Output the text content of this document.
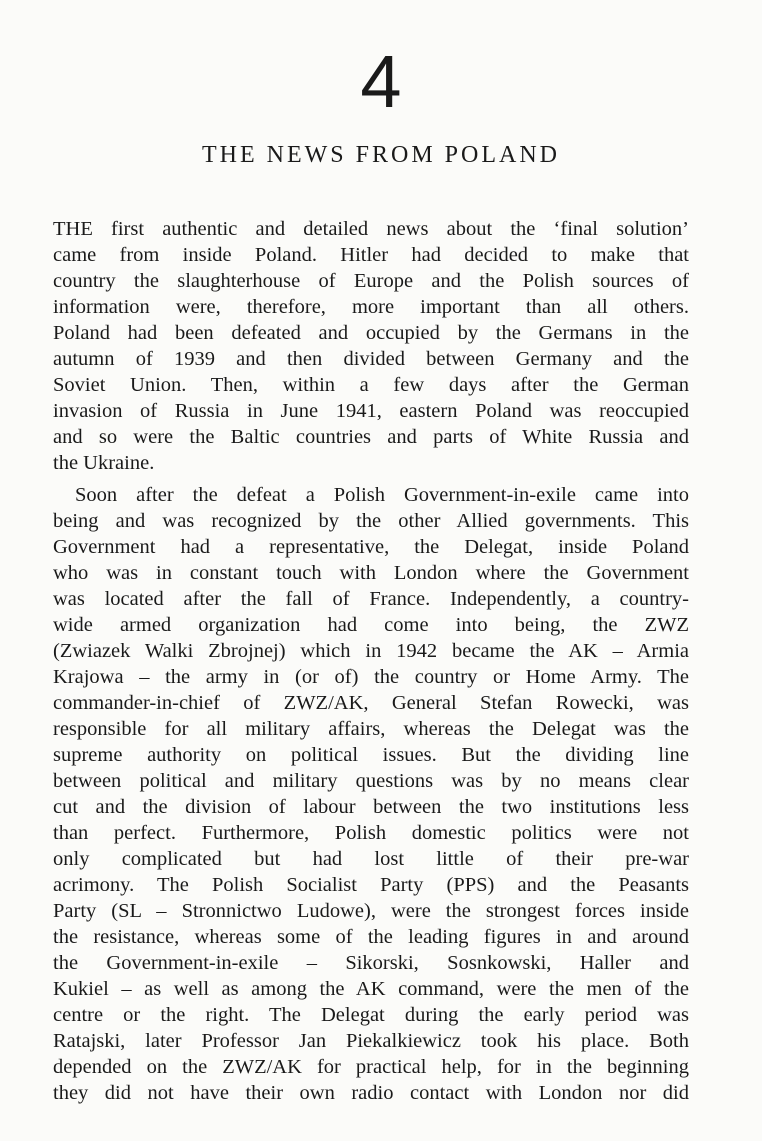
4
THE NEWS FROM POLAND
THE first authentic and detailed news about the ‘final solution’
came from inside Poland. Hitler had decided to make that
country the slaughterhouse of Europe and the Polish sources of
information were, therefore, more important than all others.
Poland had been defeated and occupied by the Germans in the
autumn of 1939 and then divided between Germany and the
Soviet Union. Then, within a few days after the German
invasion of Russia in June 1941, eastern Poland was reoccupied
and so were the Baltic countries and parts of White Russia and
the Ukraine.
Soon after the defeat a Polish Government-in-exile came into
being and was recognized by the other Allied governments. This
Government had a representative, the Delegat, inside Poland
who was in constant touch with London where the Government
was located after the fall of France. Independently, a country-
wide armed organization had come into being, the ZWZ
(Zwiazek Walki Zbrojnej) which in 1942 became the AK – Armia
Krajowa – the army in (or of) the country or Home Army. The
commander-in-chief of ZWZ/AK, General Stefan Rowecki, was
responsible for all military affairs, whereas the Delegat was the
supreme authority on political issues. But the dividing line
between political and military questions was by no means clear
cut and the division of labour between the two institutions less
than perfect. Furthermore, Polish domestic politics were not
only complicated but had lost little of their pre-war
acrimony. The Polish Socialist Party (PPS) and the Peasants
Party (SL – Stronnictwo Ludowe), were the strongest forces inside
the resistance, whereas some of the leading figures in and around
the Government-in-exile – Sikorski, Sosnkowski, Haller and
Kukiel – as well as among the AK command, were the men of the
centre or the right. The Delegat during the early period was
Ratajski, later Professor Jan Piekalkiewicz took his place. Both
depended on the ZWZ/AK for practical help, for in the beginning
they did not have their own radio contact with London nor did
